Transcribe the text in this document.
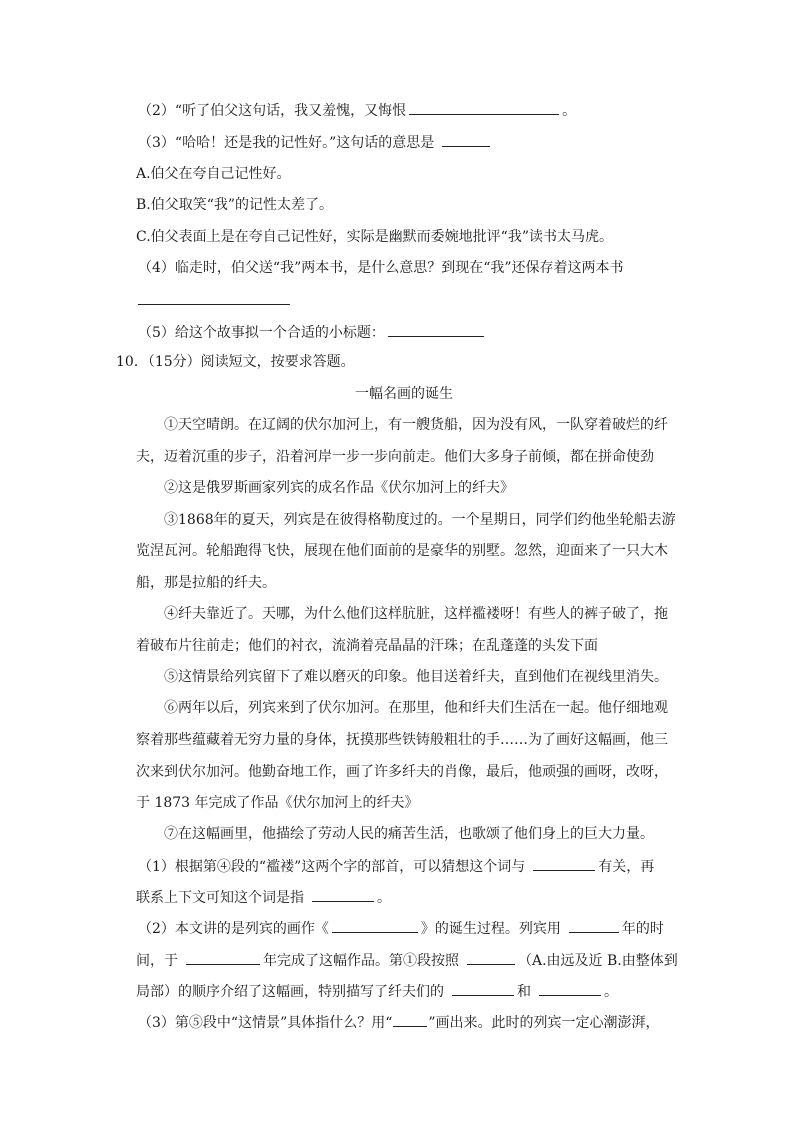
（2）“听了伯父这句话，我又羞愧，又悔恨	。
（3）“哈哈！还是我的记性好。”这句话的意思是
A.伯父在夸自己记性好。
B.伯父取笑“我”的记性太差了。
C.伯父表面上是在夸自己记性好，实际是幽默而委婉地批评“我”读书太马虎。
（4）临走时，伯父送“我”两本书，是什么意思？到现在“我”还保存着这两本书
（5）给这个故事拟一个合适的小标题：
10．（15分）阅读短文，按要求答题。
一幅名画的诞生
①天空晴朗。在辽阔的伏尔加河上，有一艘货船，因为没有风，一队穿着破烂的纤
夫，迈着沉重的步子，沿着河岸一步一步向前走。他们大多身子前倾，都在拼命使劲
②这是俄罗斯画家列宾的成名作品《伏尔加河上的纤夫》
③1868年的夏天，列宾是在彼得格勒度过的。一个星期日，同学们约他坐轮船去游
览涅瓦河。轮船跑得飞快，展现在他们面前的是豪华的别墅。忽然，迎面来了一只大木
船，那是拉船的纤夫。
④纤夫靠近了。天哪，为什么他们这样肮脏，这样褴褛呀！有些人的裤子破了，拖
着破布片往前走；他们的衬衣，流淌着亮晶晶的汗珠；在乱蓬蓬的头发下面
⑤这情景给列宾留下了难以磨灭的印象。他目送着纤夫，直到他们在视线里消失。
⑥两年以后，列宾来到了伏尔加河。在那里，他和纤夫们生活在一起。他仔细地观
察着那些蕴藏着无穷力量的身体，抚摸那些铁铸般粗壮的手……为了画好这幅画，他三
次来到伏尔加河。他勤奋地工作，画了许多纤夫的肖像，最后，他顽强的画呀，改呀，
于 1873 年完成了作品《伏尔加河上的纤夫》
⑦在这幅画里，他描绘了劳动人民的痛苦生活，也歌颂了他们身上的巨大力量。
（1）根据第④段的“褴褛”这两个字的部首，可以猜想这个词与	有关，再
联系上下文可知这个词是指	。
（2）本文讲的是列宾的画作《	》的诞生过程。列宾用	年的时
间，于	年完成了这幅作品。第①段按照	（A.由远及近 B.由整体到
局部）的顺序介绍了这幅画，特别描写了纤夫们的	和	。
（3）第⑤段中“这情景”具体指什么？用“	”画出来。此时的列宾一定心潮澎湃，
